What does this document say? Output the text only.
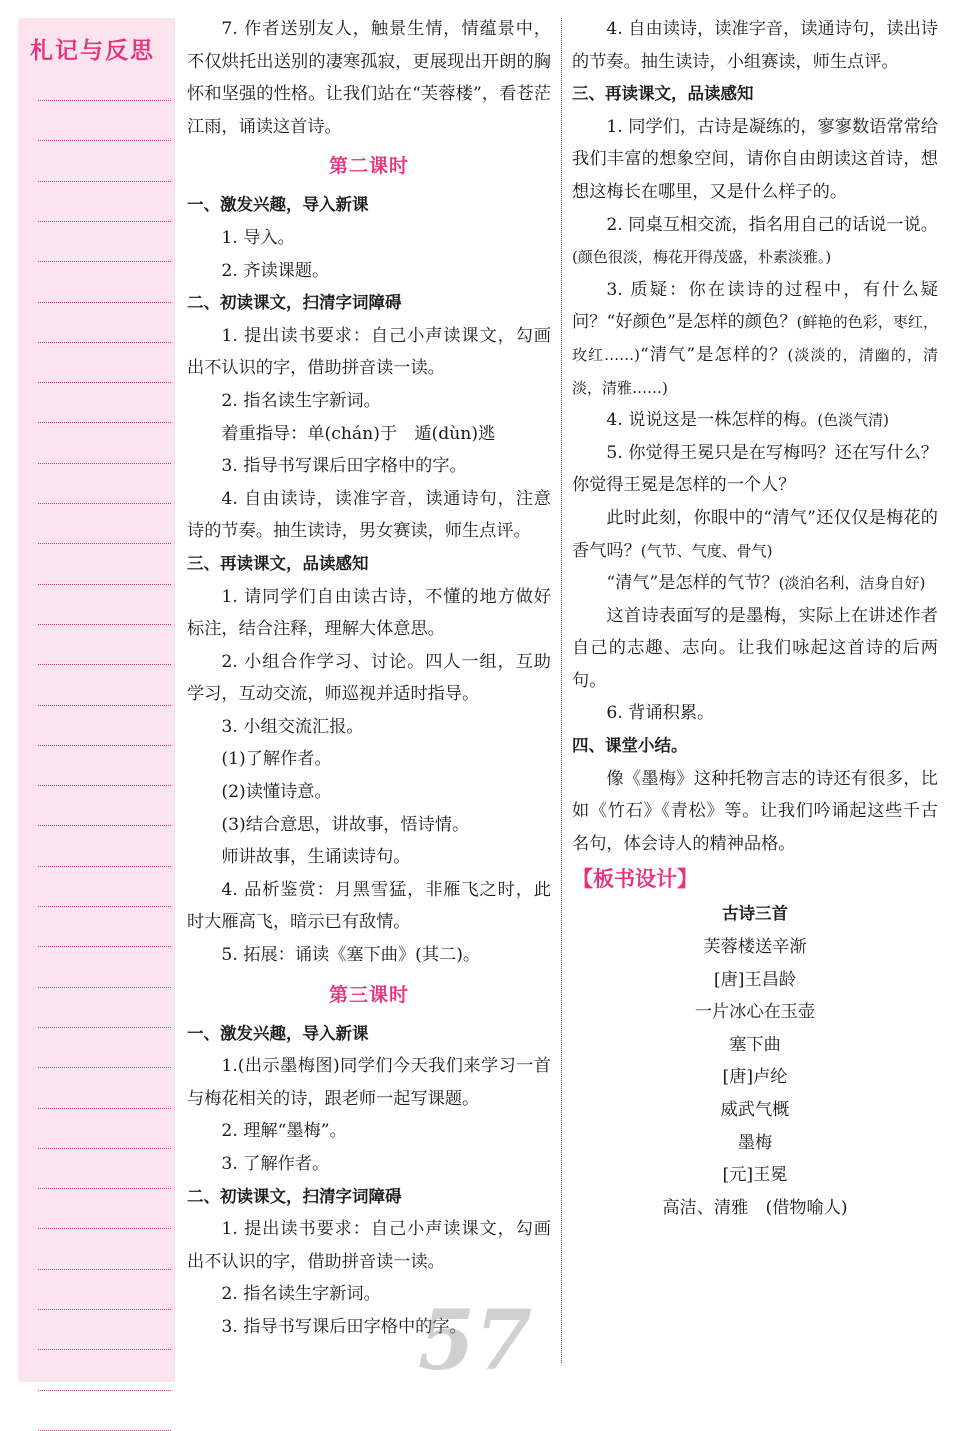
札记与反思

7. 作者送别友人，触景生情，情蕴景中，不仅烘托出送别的凄寒孤寂，更展现出开朗的胸怀和坚强的性格。让我们站在“芙蓉楼”，看苍茫江雨，诵读这首诗。

第二课时

一、激发兴趣，导入新课

1. 导入。

2. 齐读课题。

二、初读课文，扫清字词障碍

1. 提出读书要求：自己小声读课文，勾画出不认识的字，借助拼音读一读。

2. 指名读生字新词。

着重指导：单(chán)于　遁(dùn)逃

3. 指导书写课后田字格中的字。

4. 自由读诗，读准字音，读通诗句，注意诗的节奏。抽生读诗，男女赛读，师生点评。

三、再读课文，品读感知

1. 请同学们自由读古诗，不懂的地方做好标注，结合注释，理解大体意思。

2. 小组合作学习、讨论。四人一组，互助学习，互动交流，师巡视并适时指导。

3. 小组交流汇报。

(1)了解作者。

(2)读懂诗意。

(3)结合意思，讲故事，悟诗情。

师讲故事，生诵读诗句。

4. 品析鉴赏：月黑雪猛，非雁飞之时，此时大雁高飞，暗示已有敌情。

5. 拓展：诵读《塞下曲》(其二)。

第三课时

一、激发兴趣，导入新课

1.(出示墨梅图)同学们今天我们来学习一首与梅花相关的诗，跟老师一起写课题。

2. 理解“墨梅”。

3. 了解作者。

二、初读课文，扫清字词障碍

1. 提出读书要求：自己小声读课文，勾画出不认识的字，借助拼音读一读。

2. 指名读生字新词。

3. 指导书写课后田字格中的字。

4. 自由读诗，读准字音，读通诗句，读出诗的节奏。抽生读诗，小组赛读，师生点评。

三、再读课文，品读感知

1. 同学们，古诗是凝练的，寥寥数语常常给我们丰富的想象空间，请你自由朗读这首诗，想想这梅长在哪里，又是什么样子的。

2. 同桌互相交流，指名用自己的话说一说。(颜色很淡，梅花开得茂盛，朴素淡雅。)

3. 质疑：你在读诗的过程中，有什么疑问？“好颜色”是怎样的颜色？(鲜艳的色彩，枣红，玫红……)“清气”是怎样的？(淡淡的，清幽的，清淡，清雅……)

4. 说说这是一株怎样的梅。(色淡气清)

5. 你觉得王冕只是在写梅吗？还在写什么？你觉得王冕是怎样的一个人？

此时此刻，你眼中的“清气”还仅仅是梅花的香气吗？(气节、气度、骨气)

“清气”是怎样的气节？(淡泊名利，洁身自好)

这首诗表面写的是墨梅，实际上在讲述作者自己的志趣、志向。让我们咏起这首诗的后两句。

6. 背诵积累。

四、课堂小结。

像《墨梅》这种托物言志的诗还有很多，比如《竹石》《青松》等。让我们吟诵起这些千古名句，体会诗人的精神品格。

【板书设计】

古诗三首

芙蓉楼送辛渐

[唐]王昌龄

一片冰心在玉壶

塞下曲

[唐]卢纶

威武气概

墨梅

[元]王冕

高洁、清雅　(借物喻人)

57
